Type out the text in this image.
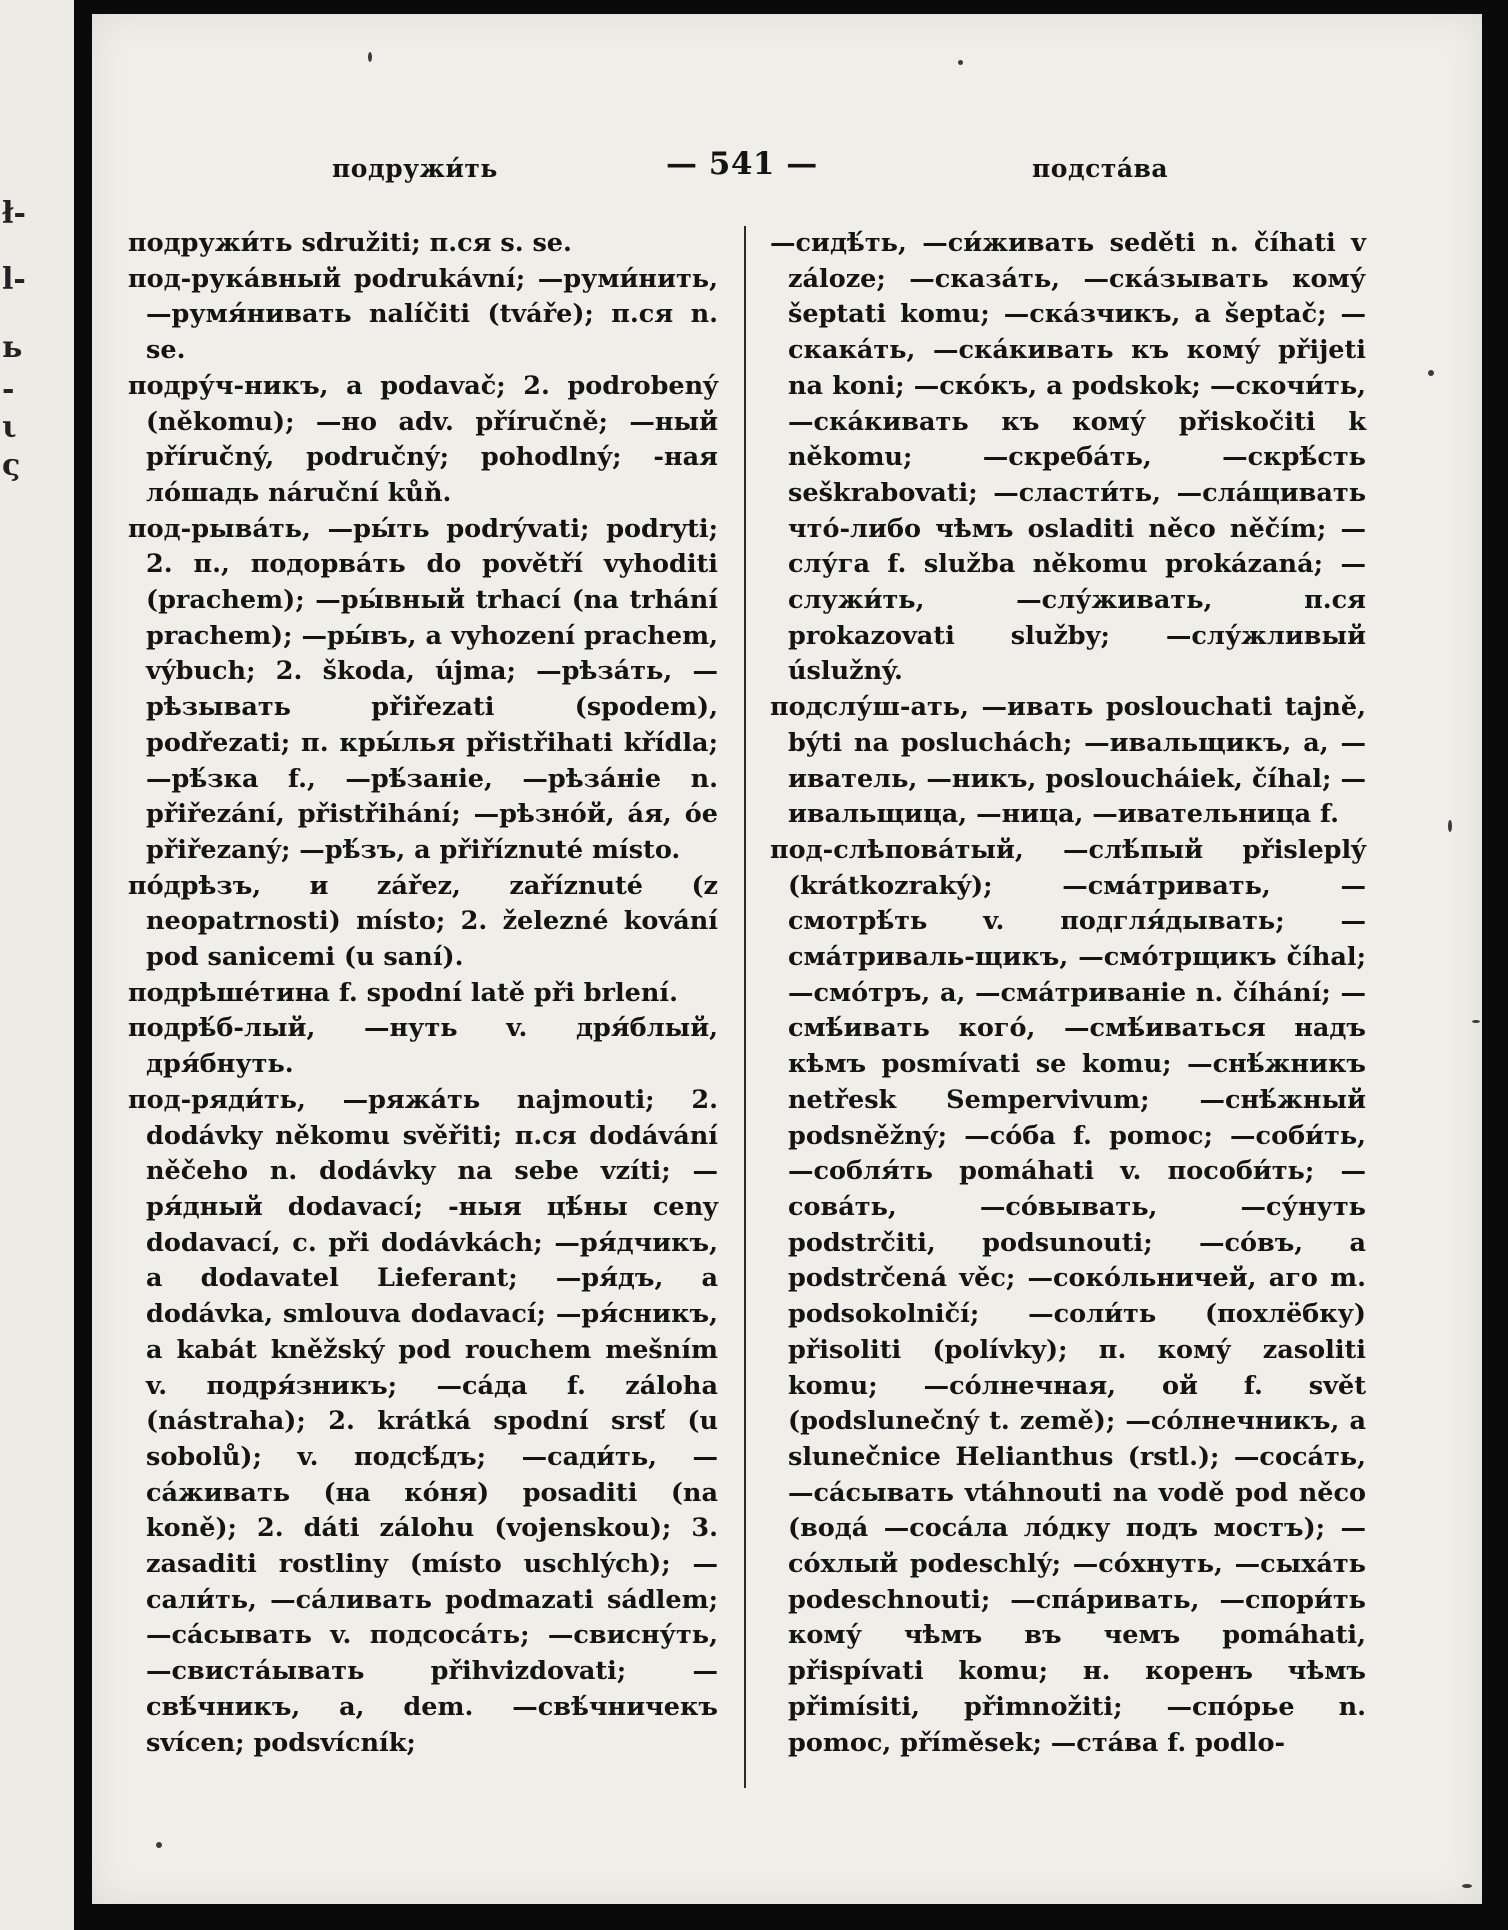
ł-
l-
ь
-
ι
ς
подружи́ть	— 541 —	подста́ва

подружи́ть sdružiti; п.ся s. se.

под-рука́вный podrukávní; —руми́нить, —румя́нивать nalíčiti (tváře); п.ся n. se.

подру́ч-никъ, a podavač; 2. podrobený (někomu); —но adv. příručně; —ный příručný, područný; pohodlný; -ная ло́шадь náruční kůň.

под-рыва́ть, —ры́ть podrývati; podryti; 2. п., подорва́ть do povětří vyhoditi (prachem); —ры́вный trhací (na trhání prachem); —ры́въ, a vyhození prachem, výbuch; 2. škoda, újma; —рѣза́ть, —рѣзывать přiřezati (spodem), podřezati; п. кры́лья přistřihati křídla; —рѣ́зка f., —рѣ́заніе, —рѣза́ніе n. přiřezání, přistřihání; —рѣзно́й, а́я, о́е přiřezaný; —рѣ́зъ, a přiříznuté místo.

по́дрѣзъ, и zářez, zaříznuté (z neopatrnosti) místo; 2. železné kování pod sanicemi (u saní).

подрѣшéтина f. spodní latě při brlení.

подрѣ́б-лый, —нуть v. дря́блый, дря́бнуть.

под-ряди́ть, —ряжа́ть najmouti; 2. dodávky někomu svěřiti; п.ся dodávání něčeho n. dodávky na sebe vzíti; —ря́дный dodavací; -ныя цѣ́ны ceny dodavací, c. při dodávkách; —ря́дчикъ, a dodavatel Lieferant; —ря́дъ, a dodávka, smlouva dodavací; —ря́сникъ, a kabát kněžský pod rouchem mešním v. подря́зникъ; —са́да f. záloha (nástraha); 2. krátká spodní srsť (u sobolů); v. подсѣ́дъ; —сади́ть, —са́живать (на ко́ня) posaditi (na koně); 2. dáti zálohu (vojenskou); 3. zasaditi rostliny (místo uschlých); —сали́ть, —са́ливать podmazati sádlem; —са́сывать v. подсоса́ть; —свисну́ть, —свиста́ывать přihvizdovati; —свѣ́чникъ, a, dem. —свѣ́чничекъ svícen; podsvícník;

—сидѣ́ть, —си́живать seděti n. číhati v záloze; —сказа́ть, —ска́зывать кому́ šeptati komu; —ска́зчикъ, a šeptač; —скака́ть, —ска́кивать къ кому́ přijeti na koni; —ско́къ, a podskok; —скочи́ть, —ска́кивать къ кому́ přiskočiti k někomu; —скреба́ть, —скрѣ́сть seškrabovati; —сласти́ть, —сла́щивать что́-либо чѣмъ osladiti něco něčím; —слу́га f. služba někomu prokázaná; —служи́ть, —слу́живать, п.ся prokazovati služby; —слу́жливый úslužný.

подслу́ш-ать, —ивать poslouchati tajně, býti na posluchách; —ивальщикъ, a, —иватель, —никъ, posloucháiek, číhal; —ивальщица, —ница, —ивательница f.

под-слѣповáтый, —слѣ́пый přisleplý (krátkozraký); —сма́тривать, —смотрѣ́ть v. подгля́дывать; —сма́триваль-щикъ, —смо́трщикъ číhal; —смо́тръ, a, —сма́триваніе n. číhání; —смѣ́ивать кого́, —смѣ́иваться надъ кѣмъ posmívati se komu; —снѣ́жникъ netřesk Sempervivum; —снѣ́жный podsněžný; —со́ба f. pomoc; —соби́ть, —собля́ть pomáhati v. пособи́ть; —сова́ть, —со́вывать, —су́нуть podstrčiti, podsunouti; —со́въ, a podstrčená věc; —соко́льничей, аго m. podsokolničí; —соли́ть (похлёбку) přisoliti (polívky); п. кому́ zasoliti komu; —со́лнечная, ой f. svět (podslunečný t. země); —со́лнечникъ, a slunečnice Helianthus (rstl.); —соса́ть, —са́сывать vtáhnouti na vodě pod něco (вода́ —соса́ла ло́дку подъ мостъ); —со́хлый podeschlý; —со́хнуть, —сыха́ть podeschnouti; —спа́ривать, —спори́ть кому́ чѣмъ въ чемъ pomáhati, přispívati komu; н. коренъ чѣмъ přimísiti, přimnožiti; —спо́рье n. pomoc, příměsek; —ста́ва f. podlo-
